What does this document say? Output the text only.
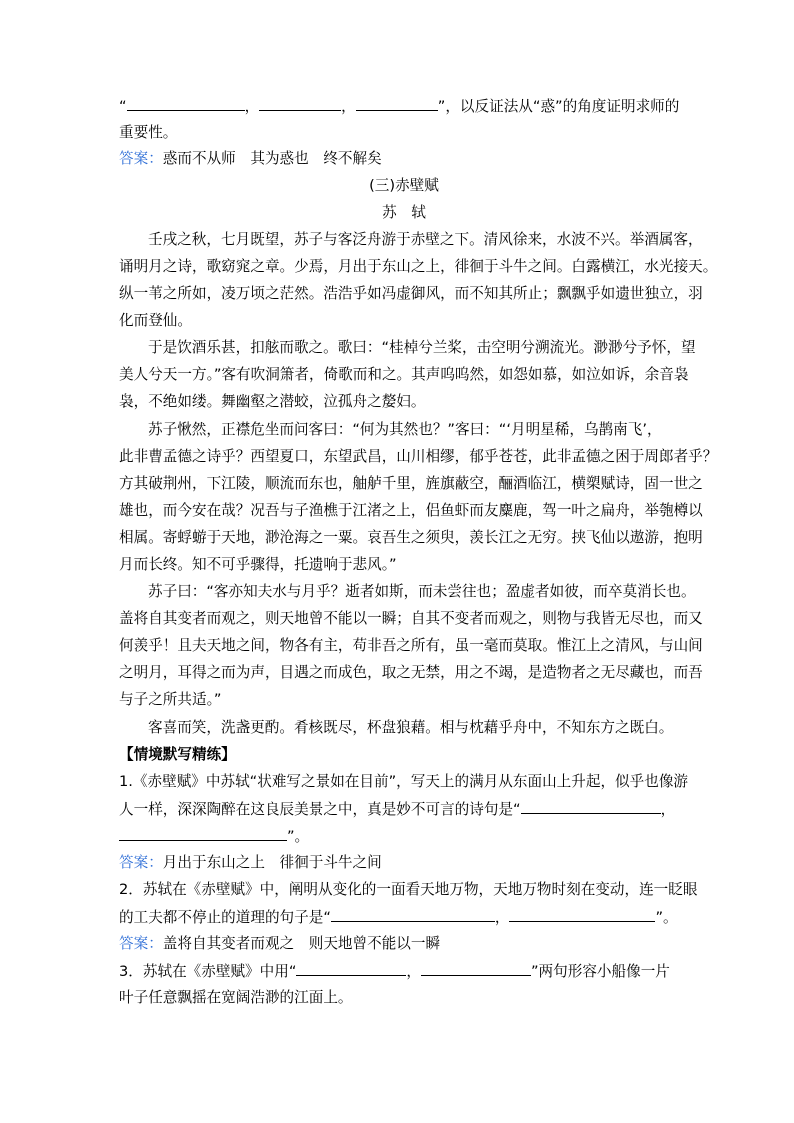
“	，	，	”，以反证法从“惑”的角度证明求师的
重要性。
答案：惑而不从师　其为惑也　终不解矣
(三)赤壁赋
苏　轼
壬戌之秋，七月既望，苏子与客泛舟游于赤壁之下。清风徐来，水波不兴。举酒属客，
诵明月之诗，歌窈窕之章。少焉，月出于东山之上，徘徊于斗牛之间。白露横江，水光接天。
纵一苇之所如，凌万顷之茫然。浩浩乎如冯虚御风，而不知其所止；飘飘乎如遗世独立，羽
化而登仙。
于是饮酒乐甚，扣舷而歌之。歌曰：“桂棹兮兰桨，击空明兮溯流光。渺渺兮予怀，望
美人兮天一方。”客有吹洞箫者，倚歌而和之。其声呜呜然，如怨如慕，如泣如诉，余音袅
袅，不绝如缕。舞幽壑之潜蛟，泣孤舟之嫠妇。
苏子愀然，正襟危坐而问客曰：“何为其然也？”客曰：“‘月明星稀，乌鹊南飞’，
此非曹孟德之诗乎？西望夏口，东望武昌，山川相缪，郁乎苍苍，此非孟德之困于周郎者乎？
方其破荆州，下江陵，顺流而东也，舳舻千里，旌旗蔽空，酾酒临江，横槊赋诗，固一世之
雄也，而今安在哉？况吾与子渔樵于江渚之上，侣鱼虾而友麋鹿，驾一叶之扁舟，举匏樽以
相属。寄蜉蝣于天地，渺沧海之一粟。哀吾生之须臾，羡长江之无穷。挟飞仙以遨游，抱明
月而长终。知不可乎骤得，托遗响于悲风。”
苏子曰：“客亦知夫水与月乎？逝者如斯，而未尝往也；盈虚者如彼，而卒莫消长也。
盖将自其变者而观之，则天地曾不能以一瞬；自其不变者而观之，则物与我皆无尽也，而又
何羡乎！且夫天地之间，物各有主，苟非吾之所有，虽一毫而莫取。惟江上之清风，与山间
之明月，耳得之而为声，目遇之而成色，取之无禁，用之不竭，是造物者之无尽藏也，而吾
与子之所共适。”
客喜而笑，洗盏更酌。肴核既尽，杯盘狼藉。相与枕藉乎舟中，不知东方之既白。
【情境默写精练】
1.《赤壁赋》中苏轼“状难写之景如在目前”，写天上的满月从东面山上升起，似乎也像游
人一样，深深陶醉在这良辰美景之中，真是妙不可言的诗句是“	，
”。
答案：月出于东山之上　徘徊于斗牛之间
2．苏轼在《赤壁赋》中，阐明从变化的一面看天地万物，天地万物时刻在变动，连一眨眼
的工夫都不停止的道理的句子是“	，	”。
答案：盖将自其变者而观之　则天地曾不能以一瞬
3．苏轼在《赤壁赋》中用“	，	”两句形容小船像一片
叶子任意飘摇在宽阔浩渺的江面上。
